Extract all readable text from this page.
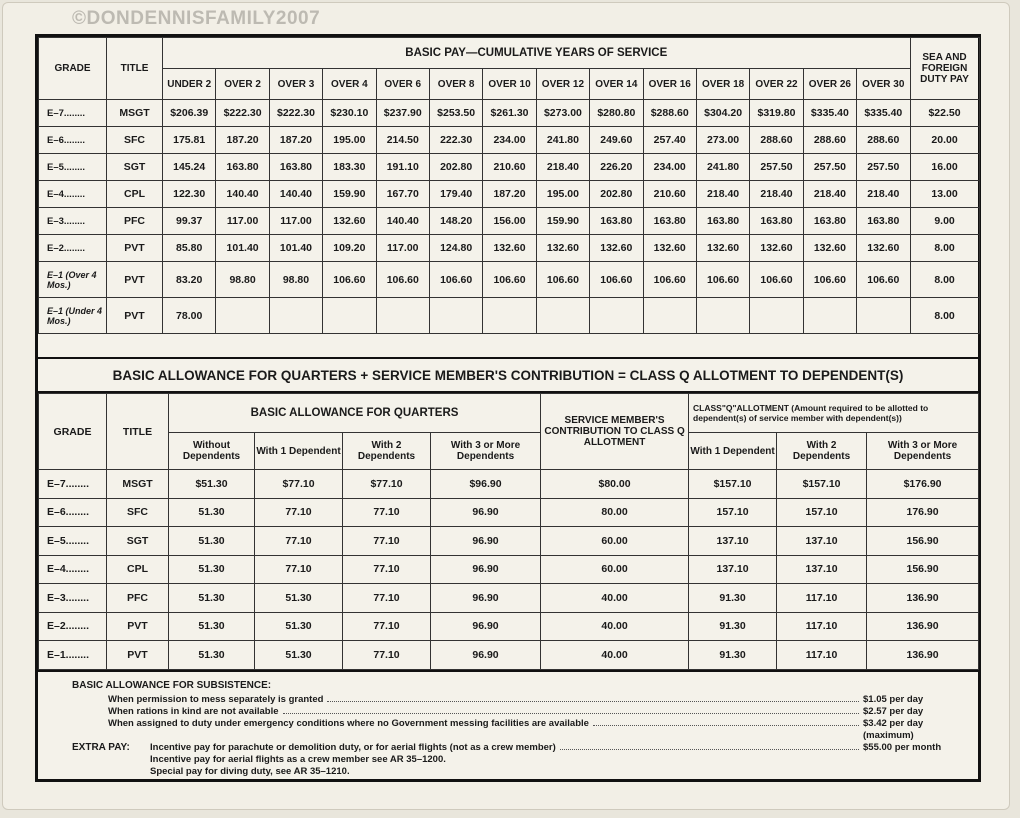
©DONDENNISFAMILY2007
GRADE	TITLE	BASIC PAY—CUMULATIVE YEARS OF SERVICE														SEA AND FOREIGN DUTY PAY
		UNDER 2	OVER 2	OVER 3	OVER 4	OVER 6	OVER 8	OVER 10	OVER 12	OVER 14	OVER 16	OVER 18	OVER 22	OVER 26	OVER 30	
E–7........	MSGT	$206.39	$222.30	$222.30	$230.10	$237.90	$253.50	$261.30	$273.00	$280.80	$288.60	$304.20	$319.80	$335.40	$335.40	$22.50
E–6........	SFC	175.81	187.20	187.20	195.00	214.50	222.30	234.00	241.80	249.60	257.40	273.00	288.60	288.60	288.60	20.00
E–5........	SGT	145.24	163.80	163.80	183.30	191.10	202.80	210.60	218.40	226.20	234.00	241.80	257.50	257.50	257.50	16.00
E–4........	CPL	122.30	140.40	140.40	159.90	167.70	179.40	187.20	195.00	202.80	210.60	218.40	218.40	218.40	218.40	13.00
E–3........	PFC	99.37	117.00	117.00	132.60	140.40	148.20	156.00	159.90	163.80	163.80	163.80	163.80	163.80	163.80	9.00
E–2........	PVT	85.80	101.40	101.40	109.20	117.00	124.80	132.60	132.60	132.60	132.60	132.60	132.60	132.60	132.60	8.00
E–1 (Over 4 Mos.)	PVT	83.20	98.80	98.80	106.60	106.60	106.60	106.60	106.60	106.60	106.60	106.60	106.60	106.60	106.60	8.00
E–1 (Under 4 Mos.)	PVT	78.00														8.00
BASIC ALLOWANCE FOR QUARTERS + SERVICE MEMBER'S CONTRIBUTION = CLASS Q ALLOTMENT TO DEPENDENT(S)
GRADE	TITLE	BASIC ALLOWANCE FOR QUARTERS				SERVICE MEMBER'S CONTRIBUTION TO CLASS Q ALLOTMENT	CLASS"Q"ALLOTMENT (Amount required to be allotted to dependent(s) of service member with dependent(s))		
		Without Dependents	With 1 Dependent	With 2 Dependents	With 3 or More Dependents		With 1 Dependent	With 2 Dependents	With 3 or More Dependents
E–7........	MSGT	$51.30	$77.10	$77.10	$96.90	$80.00	$157.10	$157.10	$176.90
E–6........	SFC	51.30	77.10	77.10	96.90	80.00	157.10	157.10	176.90
E–5........	SGT	51.30	77.10	77.10	96.90	60.00	137.10	137.10	156.90
E–4........	CPL	51.30	77.10	77.10	96.90	60.00	137.10	137.10	156.90
E–3........	PFC	51.30	51.30	77.10	96.90	40.00	91.30	117.10	136.90
E–2........	PVT	51.30	51.30	77.10	96.90	40.00	91.30	117.10	136.90
E–1........	PVT	51.30	51.30	77.10	96.90	40.00	91.30	117.10	136.90
BASIC ALLOWANCE FOR SUBSISTENCE:
When permission to mess separately is granted	$1.05 per day
When rations in kind are not available	$2.57 per day
When assigned to duty under emergency conditions where no Government messing facilities are available	$3.42 per day
EXTRA PAY:
(maximum)
Incentive pay for parachute or demolition duty, or for aerial flights (not as a crew member)	$55.00 per month
Incentive pay for aerial flights as a crew member see AR 35–1200.
Special pay for diving duty, see AR 35–1210.
